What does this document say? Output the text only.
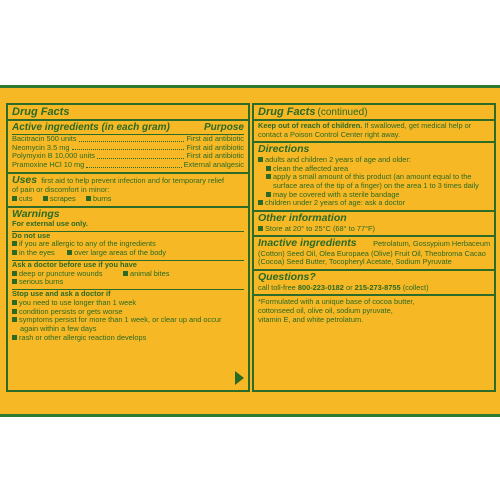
Drug Facts
Active ingredients (in each gram)	Purpose
Bacitracin 500 units	First aid antibiotic
Neomycin 3.5 mg	First aid antibiotic
Polymyxin B 10,000 units	First aid antibiotic
Pramoxine HCl 10 mg	External analgesic
Uses first aid to help prevent infection and for temporary relief
of pain or discomfort in minor:
cuts scrapes burns
Warnings
For external use only.
Do not use
if you are allergic to any of the ingredients
in the eyes	over large areas of the body
Ask a doctor before use if you have
deep or puncture wounds	animal bites
serious burns
Stop use and ask a doctor if
you need to use longer than 1 week
condition persists or gets worse
symptoms persist for more than 1 week, or clear up and occur
again within a few days
rash or other allergic reaction develops
Drug Facts (continued)
Keep out of reach of children. If swallowed, get medical help or
contact a Poison Control Center right away.
Directions
adults and children 2 years of age and older:
clean the affected area
apply a small amount of this product (an amount equal to the
surface area of the tip of a finger) on the area 1 to 3 times daily
may be covered with a sterile bandage
children under 2 years of age: ask a doctor
Other information
Store at 20° to 25°C (68° to 77°F)
Inactive ingredients Petrolatum, Gossypium Herbaceum
(Cotton) Seed Oil, Olea Europaea (Olive) Fruit Oil, Theobroma Cacao
(Cocoa) Seed Butter, Tocopheryl Acetate, Sodium Pyruvate
Questions?
call toll-free 800-223-0182 or 215-273-8755 (collect)
*Formulated with a unique base of cocoa butter,
cottonseed oil, olive oil, sodium pyruvate,
vitamin E, and white petrolatum.
